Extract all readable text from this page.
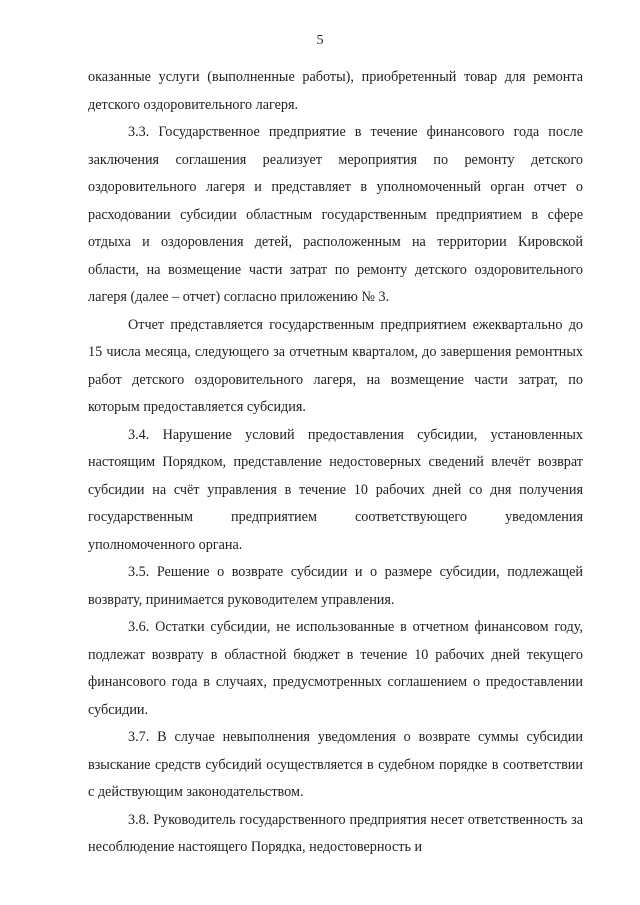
5

оказанные услуги (выполненные работы), приобретенный товар для ремонта детского оздоровительного лагеря.

3.3. Государственное предприятие в течение финансового года после заключения соглашения реализует мероприятия по ремонту детского оздоровительного лагеря и представляет в уполномоченный орган отчет о расходовании субсидии областным государственным предприятием в сфере отдыха и оздоровления детей, расположенным на территории Кировской области, на возмещение части затрат по ремонту детского оздоровительного лагеря (далее – отчет) согласно приложению № 3.

Отчет представляется государственным предприятием ежеквартально до 15 числа месяца, следующего за отчетным кварталом, до завершения ремонтных работ детского оздоровительного лагеря, на возмещение части затрат, по которым предоставляется субсидия.

3.4. Нарушение условий предоставления субсидии, установленных настоящим Порядком, представление недостоверных сведений влечёт возврат субсидии на счёт управления в течение 10 рабочих дней со дня получения государственным предприятием соответствующего уведомления уполномоченного органа.

3.5. Решение о возврате субсидии и о размере субсидии, подлежащей возврату, принимается руководителем управления.

3.6. Остатки субсидии, не использованные в отчетном финансовом году, подлежат возврату в областной бюджет в течение 10 рабочих дней текущего финансового года в случаях, предусмотренных соглашением о предоставлении субсидии.

3.7. В случае невыполнения уведомления о возврате суммы субсидии взыскание средств субсидий осуществляется в судебном порядке в соответствии с действующим законодательством.

3.8. Руководитель государственного предприятия несет ответственность за несоблюдение настоящего Порядка, недостоверность и
